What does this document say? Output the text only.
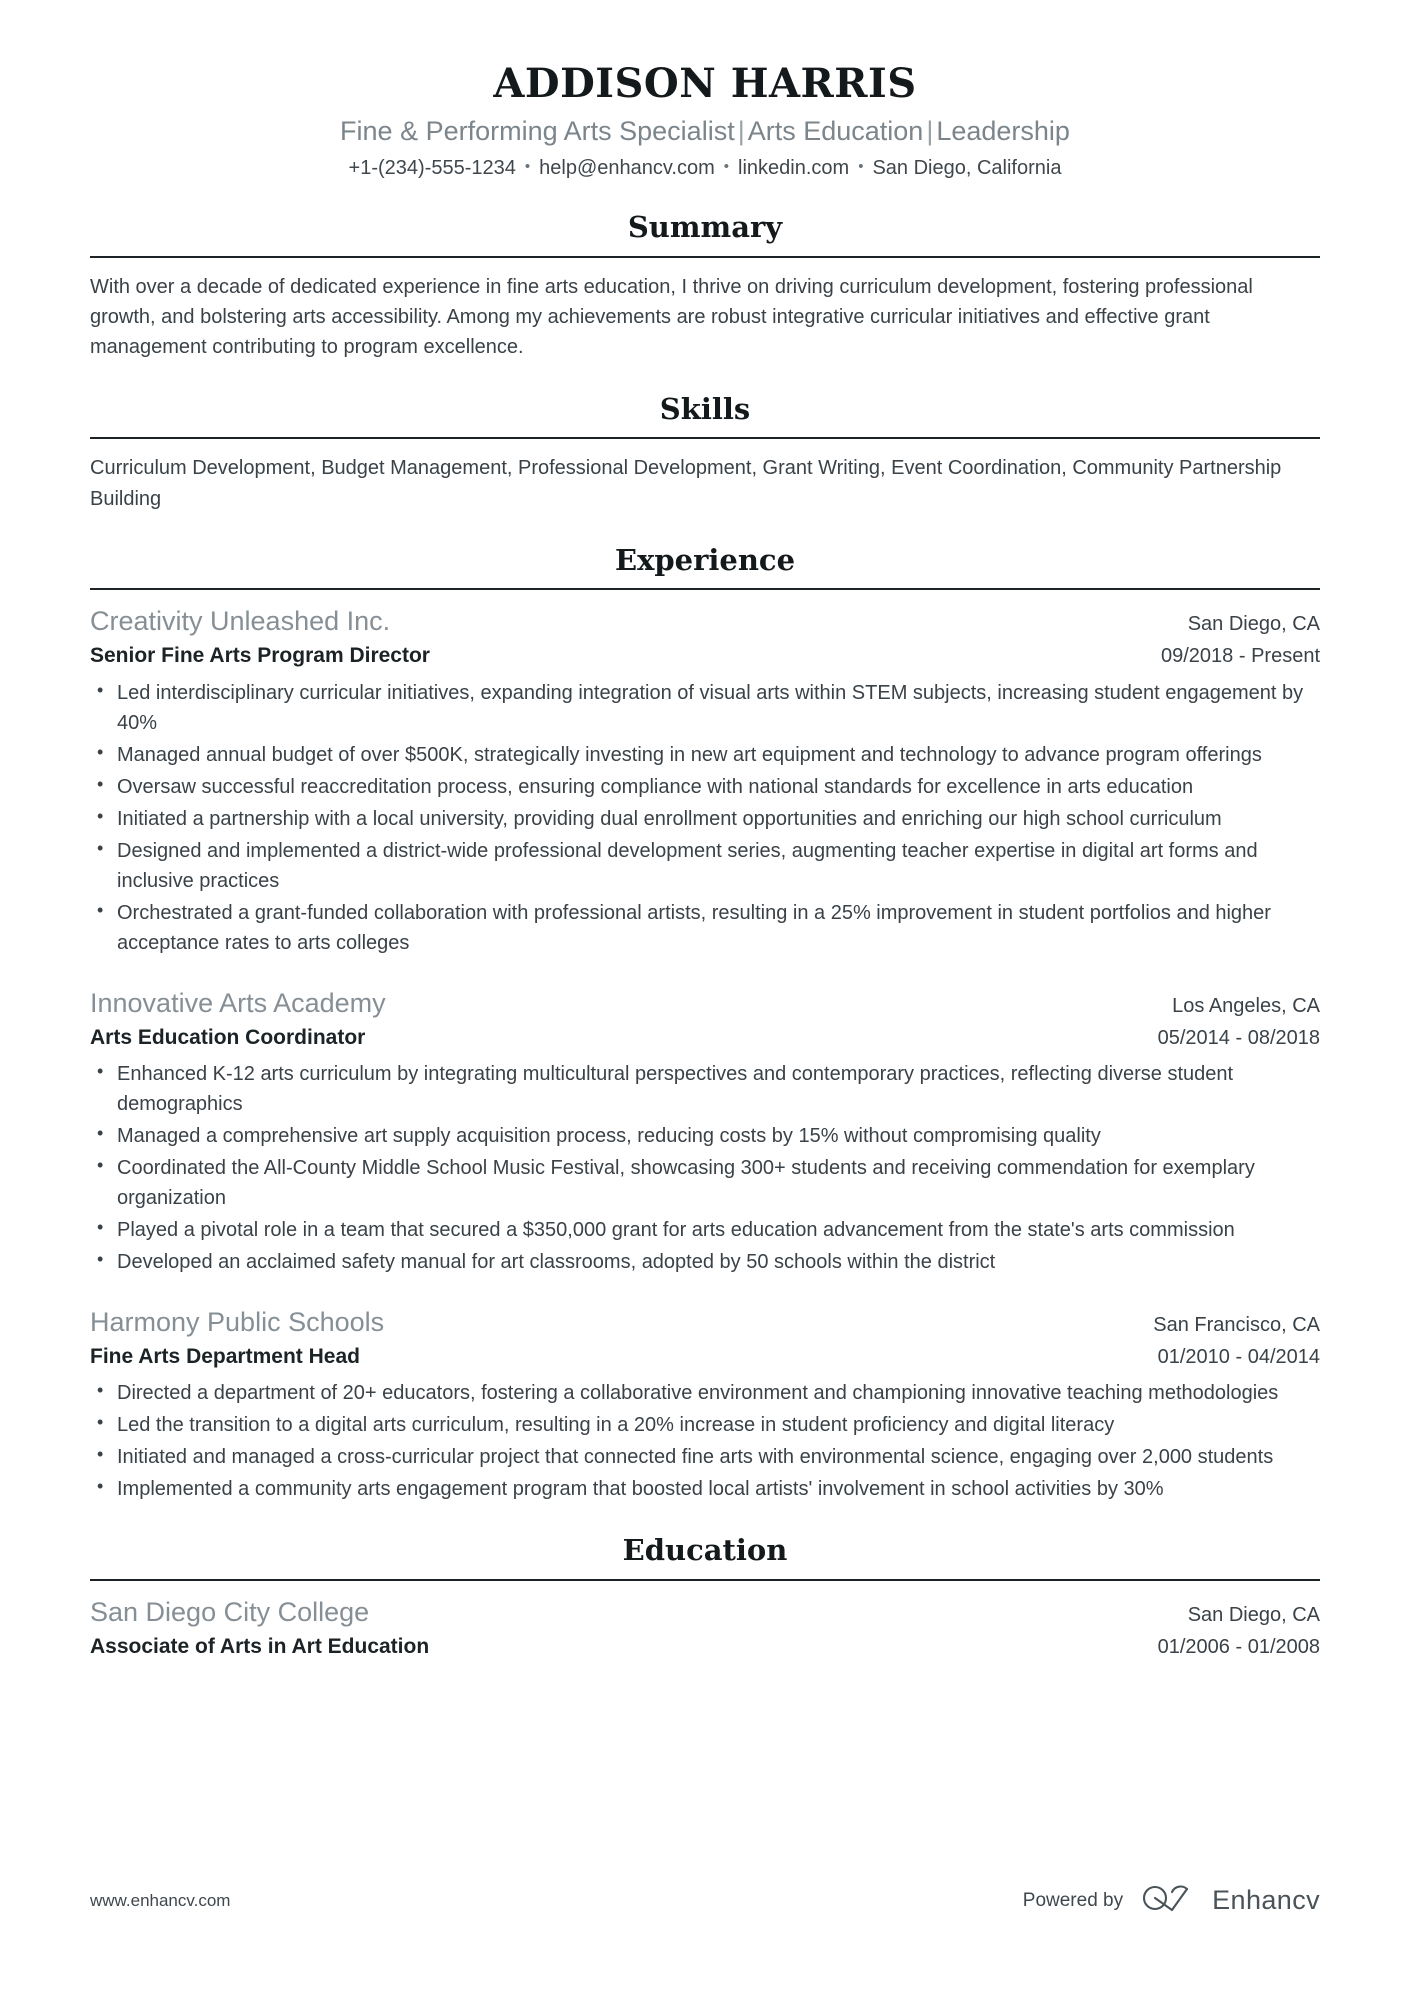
ADDISON HARRIS
Fine & Performing Arts Specialist | Arts Education | Leadership
+1-(234)-555-1234 • help@enhancv.com • linkedin.com • San Diego, California
Summary

With over a decade of dedicated experience in fine arts education, I thrive on driving curriculum development, fostering professional growth, and bolstering arts accessibility. Among my achievements are robust integrative curricular initiatives and effective grant management contributing to program excellence.

Skills

Curriculum Development, Budget Management, Professional Development, Grant Writing, Event Coordination, Community Partnership Building

Experience
Creativity Unleashed Inc.	San Diego, CA
Senior Fine Arts Program Director	09/2018 - Present
• Led interdisciplinary curricular initiatives, expanding integration of visual arts within STEM subjects, increasing student engagement by 40%
• Managed annual budget of over $500K, strategically investing in new art equipment and technology to advance program offerings
• Oversaw successful reaccreditation process, ensuring compliance with national standards for excellence in arts education
• Initiated a partnership with a local university, providing dual enrollment opportunities and enriching our high school curriculum
• Designed and implemented a district-wide professional development series, augmenting teacher expertise in digital art forms and inclusive practices
• Orchestrated a grant-funded collaboration with professional artists, resulting in a 25% improvement in student portfolios and higher acceptance rates to arts colleges
Innovative Arts Academy	Los Angeles, CA
Arts Education Coordinator	05/2014 - 08/2018
• Enhanced K-12 arts curriculum by integrating multicultural perspectives and contemporary practices, reflecting diverse student demographics
• Managed a comprehensive art supply acquisition process, reducing costs by 15% without compromising quality
• Coordinated the All-County Middle School Music Festival, showcasing 300+ students and receiving commendation for exemplary organization
• Played a pivotal role in a team that secured a $350,000 grant for arts education advancement from the state's arts commission
• Developed an acclaimed safety manual for art classrooms, adopted by 50 schools within the district
Harmony Public Schools	San Francisco, CA
Fine Arts Department Head	01/2010 - 04/2014
• Directed a department of 20+ educators, fostering a collaborative environment and championing innovative teaching methodologies
• Led the transition to a digital arts curriculum, resulting in a 20% increase in student proficiency and digital literacy
• Initiated and managed a cross-curricular project that connected fine arts with environmental science, engaging over 2,000 students
• Implemented a community arts engagement program that boosted local artists' involvement in school activities by 30%
Education
San Diego City College	San Diego, CA
Associate of Arts in Art Education	01/2006 - 01/2008
www.enhancv.com	Powered by	Enhancv
